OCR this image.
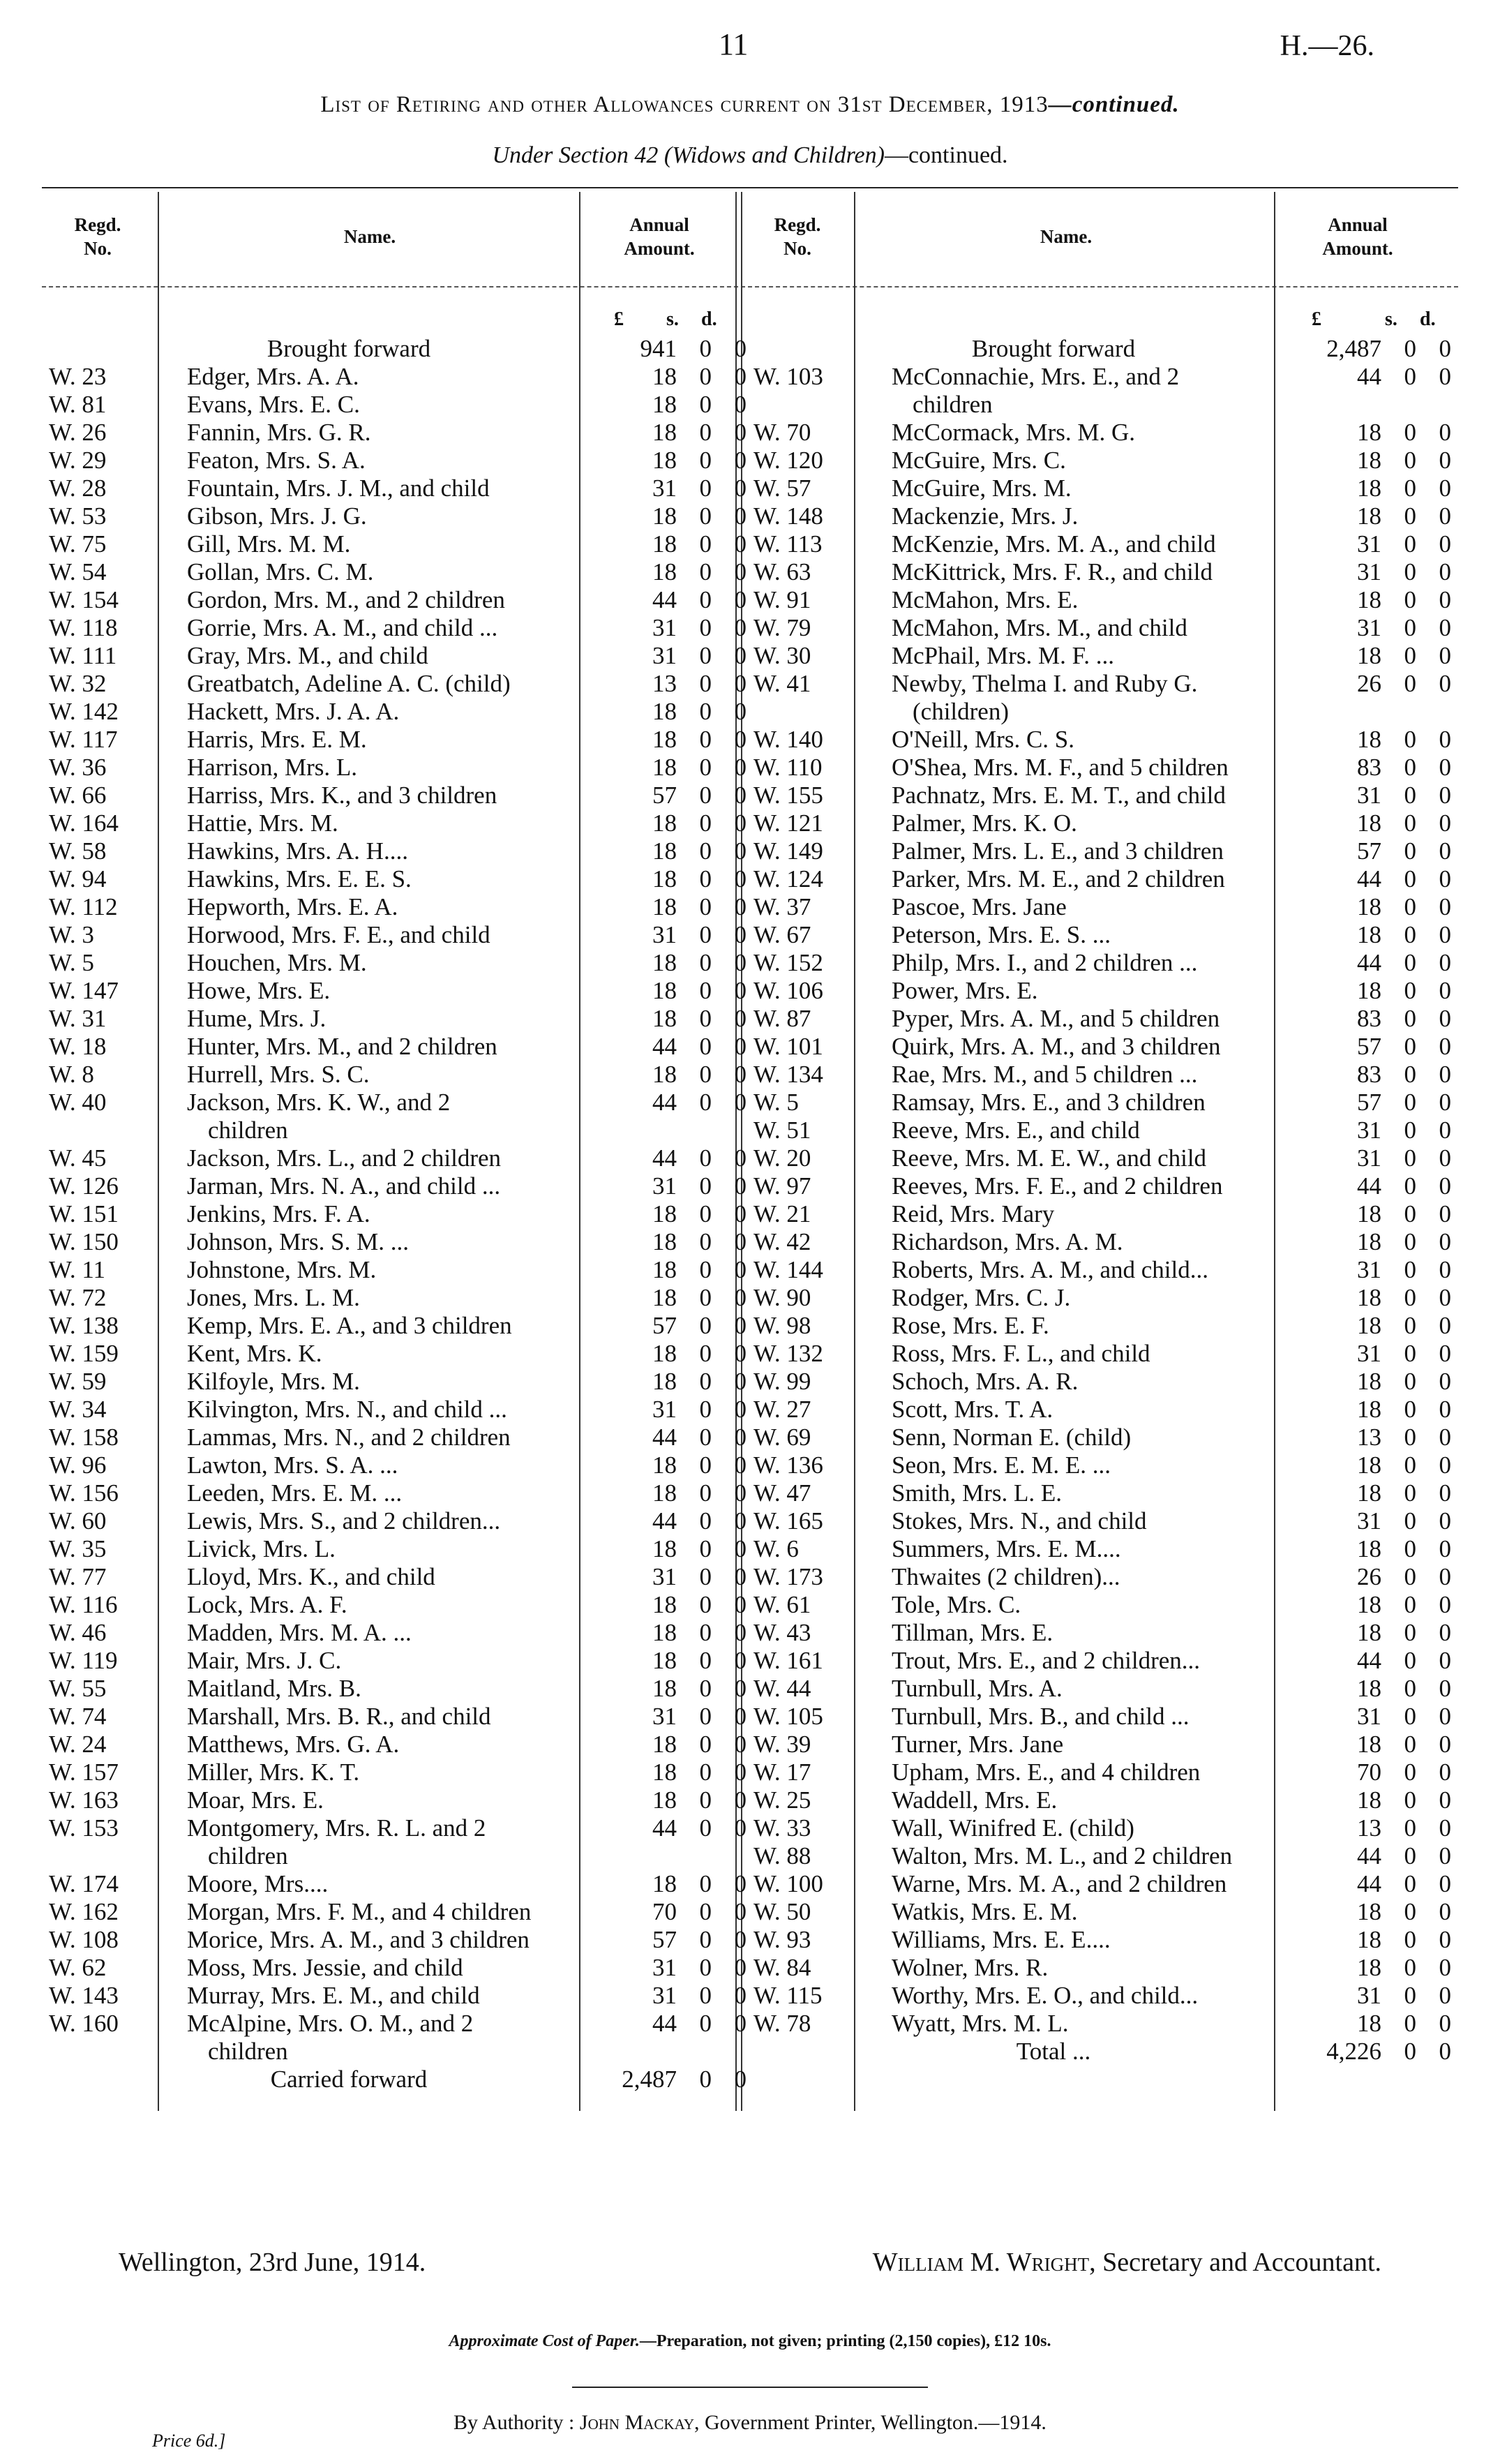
11	H.—26.
List of Retiring and other Allowances current on 31st December, 1913—continued.
Under Section 42 (Widows and Children)—continued.
Regd.
No.
Name.
Annual
Amount.
Regd.
No.
Name.
Annual
Amount.
£ s. d.	£	s. d.
Brought forward	941 0 0
W. 23	Edger, Mrs. A. A.	18 0 0
W. 81	Evans, Mrs. E. C.	18 0 0
W. 26	Fannin, Mrs. G. R.	18 0 0
W. 29	Featon, Mrs. S. A.	18 0 0
W. 28	Fountain, Mrs. J. M., and child	31 0 0
W. 53	Gibson, Mrs. J. G.	18 0 0
W. 75	Gill, Mrs. M. M.	18 0 0
W. 54	Gollan, Mrs. C. M.	18 0 0
W. 154	Gordon, Mrs. M., and 2 children	44 0 0
W. 118	Gorrie, Mrs. A. M., and child ...	31 0 0
W. 111	Gray, Mrs. M., and child	31 0 0
W. 32	Greatbatch, Adeline A. C. (child)	13 0 0
W. 142	Hackett, Mrs. J. A. A.	18 0 0
W. 117	Harris, Mrs. E. M.	18 0 0
W. 36	Harrison, Mrs. L.	18 0 0
W. 66	Harriss, Mrs. K., and 3 children	57 0 0
W. 164	Hattie, Mrs. M.	18 0 0
W. 58	Hawkins, Mrs. A. H....	18 0 0
W. 94	Hawkins, Mrs. E. E. S.	18 0 0
W. 112	Hepworth, Mrs. E. A.	18 0 0
W. 3	Horwood, Mrs. F. E., and child	31 0 0
W. 5	Houchen, Mrs. M.	18 0 0
W. 147	Howe, Mrs. E.	18 0 0
W. 31	Hume, Mrs. J.	18 0 0
W. 18	Hunter, Mrs. M., and 2 children	44 0 0
W. 8	Hurrell, Mrs. S. C.	18 0 0
W. 40	Jackson, Mrs. K. W., and 2	44 0 0
children
W. 45	Jackson, Mrs. L., and 2 children	44 0 0
W. 126	Jarman, Mrs. N. A., and child ...	31 0 0
W. 151	Jenkins, Mrs. F. A.	18 0 0
W. 150	Johnson, Mrs. S. M. ...	18 0 0
W. 11	Johnstone, Mrs. M.	18 0 0
W. 72	Jones, Mrs. L. M.	18 0 0
W. 138	Kemp, Mrs. E. A., and 3 children	57 0 0
W. 159	Kent, Mrs. K.	18 0 0
W. 59	Kilfoyle, Mrs. M.	18 0 0
W. 34	Kilvington, Mrs. N., and child ...	31 0 0
W. 158	Lammas, Mrs. N., and 2 children	44 0 0
W. 96	Lawton, Mrs. S. A. ...	18 0 0
W. 156	Leeden, Mrs. E. M. ...	18 0 0
W. 60	Lewis, Mrs. S., and 2 children...	44 0 0
W. 35	Livick, Mrs. L.	18 0 0
W. 77	Lloyd, Mrs. K., and child	31 0 0
W. 116	Lock, Mrs. A. F.	18 0 0
W. 46	Madden, Mrs. M. A. ...	18 0 0
W. 119	Mair, Mrs. J. C.	18 0 0
W. 55	Maitland, Mrs. B.	18 0 0
W. 74	Marshall, Mrs. B. R., and child	31 0 0
W. 24	Matthews, Mrs. G. A.	18 0 0
W. 157	Miller, Mrs. K. T.	18 0 0
W. 163	Moar, Mrs. E.	18 0 0
W. 153	Montgomery, Mrs. R. L. and 2	44 0 0
children
W. 174	Moore, Mrs....	18 0 0
W. 162	Morgan, Mrs. F. M., and 4 children	70 0 0
W. 108	Morice, Mrs. A. M., and 3 children	57 0 0
W. 62	Moss, Mrs. Jessie, and child	31 0 0
W. 143	Murray, Mrs. E. M., and child	31 0 0
W. 160	McAlpine, Mrs. O. M., and 2	44 0 0
children
Carried forward	2,487 0 0
Brought forward	2,487 0 0
W. 103	McConnachie, Mrs. E., and 2	44 0 0
children
W. 70	McCormack, Mrs. M. G.	18 0 0
W. 120	McGuire, Mrs. C.	18 0 0
W. 57	McGuire, Mrs. M.	18 0 0
W. 148	Mackenzie, Mrs. J.	18 0 0
W. 113	McKenzie, Mrs. M. A., and child	31 0 0
W. 63	McKittrick, Mrs. F. R., and child	31 0 0
W. 91	McMahon, Mrs. E.	18 0 0
W. 79	McMahon, Mrs. M., and child	31 0 0
W. 30	McPhail, Mrs. M. F. ...	18 0 0
W. 41	Newby, Thelma I. and Ruby G.	26 0 0
(children)
W. 140	O'Neill, Mrs. C. S.	18 0 0
W. 110	O'Shea, Mrs. M. F., and 5 children	83 0 0
W. 155	Pachnatz, Mrs. E. M. T., and child	31 0 0
W. 121	Palmer, Mrs. K. O.	18 0 0
W. 149	Palmer, Mrs. L. E., and 3 children	57 0 0
W. 124	Parker, Mrs. M. E., and 2 children	44 0 0
W. 37	Pascoe, Mrs. Jane	18 0 0
W. 67	Peterson, Mrs. E. S. ...	18 0 0
W. 152	Philp, Mrs. I., and 2 children ...	44 0 0
W. 106	Power, Mrs. E.	18 0 0
W. 87	Pyper, Mrs. A. M., and 5 children	83 0 0
W. 101	Quirk, Mrs. A. M., and 3 children	57 0 0
W. 134	Rae, Mrs. M., and 5 children ...	83 0 0
W. 5	Ramsay, Mrs. E., and 3 children	57 0 0
W. 51	Reeve, Mrs. E., and child	31 0 0
W. 20	Reeve, Mrs. M. E. W., and child	31 0 0
W. 97	Reeves, Mrs. F. E., and 2 children	44 0 0
W. 21	Reid, Mrs. Mary	18 0 0
W. 42	Richardson, Mrs. A. M.	18 0 0
W. 144	Roberts, Mrs. A. M., and child...	31 0 0
W. 90	Rodger, Mrs. C. J.	18 0 0
W. 98	Rose, Mrs. E. F.	18 0 0
W. 132	Ross, Mrs. F. L., and child	31 0 0
W. 99	Schoch, Mrs. A. R.	18 0 0
W. 27	Scott, Mrs. T. A.	18 0 0
W. 69	Senn, Norman E. (child)	13 0 0
W. 136	Seon, Mrs. E. M. E. ...	18 0 0
W. 47	Smith, Mrs. L. E.	18 0 0
W. 165	Stokes, Mrs. N., and child	31 0 0
W. 6	Summers, Mrs. E. M....	18 0 0
W. 173	Thwaites (2 children)...	26 0 0
W. 61	Tole, Mrs. C.	18 0 0
W. 43	Tillman, Mrs. E.	18 0 0
W. 161	Trout, Mrs. E., and 2 children...	44 0 0
W. 44	Turnbull, Mrs. A.	18 0 0
W. 105	Turnbull, Mrs. B., and child ...	31 0 0
W. 39	Turner, Mrs. Jane	18 0 0
W. 17	Upham, Mrs. E., and 4 children	70 0 0
W. 25	Waddell, Mrs. E.	18 0 0
W. 33	Wall, Winifred E. (child)	13 0 0
W. 88	Walton, Mrs. M. L., and 2 children	44 0 0
W. 100	Warne, Mrs. M. A., and 2 children	44 0 0
W. 50	Watkis, Mrs. E. M.	18 0 0
W. 93	Williams, Mrs. E. E....	18 0 0
W. 84	Wolner, Mrs. R.	18 0 0
W. 115	Worthy, Mrs. E. O., and child...	31 0 0
W. 78	Wyatt, Mrs. M. L.	18 0 0
Total ...	4,226 0 0
Wellington, 23rd June, 1914.	William M. Wright, Secretary and Accountant.
Approximate Cost of Paper.—Preparation, not given; printing (2,150 copies), £12 10s.
By Authority : John Mackay, Government Printer, Wellington.—1914.
Price 6d.]
